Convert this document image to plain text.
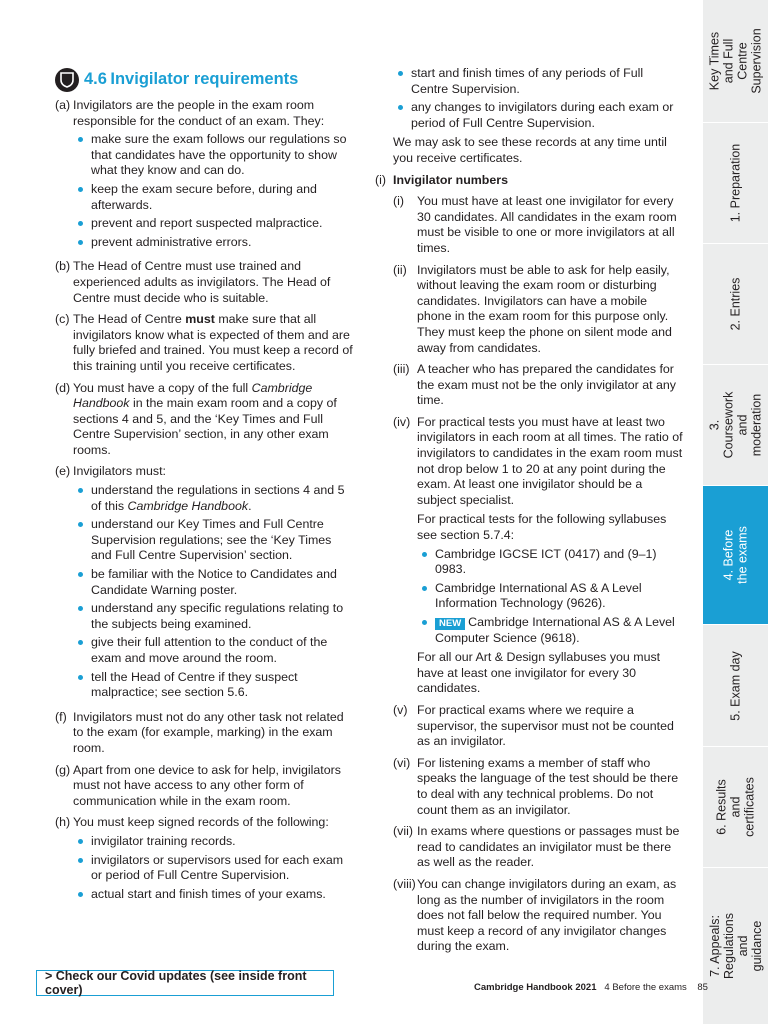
4.6
Invigilator requirements
(a) Invigilators are the people in the exam room responsible for the conduct of an exam. They:
make sure the exam follows our regulations so that candidates have the opportunity to show what they know and can do.
keep the exam secure before, during and afterwards.
prevent and report suspected malpractice.
prevent administrative errors.
(b) The Head of Centre must use trained and experienced adults as invigilators. The Head of Centre must decide who is suitable.
(c) The Head of Centre must make sure that all invigilators know what is expected of them and are fully briefed and trained. You must keep a record of this training until you receive certificates.
(d) You must have a copy of the full Cambridge Handbook in the main exam room and a copy of sections 4 and 5, and the ‘Key Times and Full Centre Supervision’ section, in any other exam rooms.
(e) Invigilators must:
understand the regulations in sections 4 and 5 of this Cambridge Handbook.
understand our Key Times and Full Centre Supervision regulations; see the ‘Key Times and Full Centre Supervision’ section.
be familiar with the Notice to Candidates and Candidate Warning poster.
understand any specific regulations relating to the subjects being examined.
give their full attention to the conduct of the exam and move around the room.
tell the Head of Centre if they suspect malpractice; see section 5.6.
(f) Invigilators must not do any other task not related to the exam (for example, marking) in the exam room.
(g) Apart from one device to ask for help, invigilators must not have access to any other form of communication while in the exam room.
(h) You must keep signed records of the following:
invigilator training records.
invigilators or supervisors used for each exam or period of Full Centre Supervision.
actual start and finish times of your exams.
start and finish times of any periods of Full Centre Supervision.
any changes to invigilators during each exam or period of Full Centre Supervision.
We may ask to see these records at any time until you receive certificates.
(i) Invigilator numbers
(i)	You must have at least one invigilator for every 30 candidates. All candidates in the exam room must be visible to one or more invigilators at all times.
(ii) Invigilators must be able to ask for help easily, without leaving the exam room or disturbing candidates. Invigilators can have a mobile phone in the exam room for this purpose only. They must keep the phone on silent mode and away from candidates.
(iii) A teacher who has prepared the candidates for the exam must not be the only invigilator at any time.
(iv) For practical tests you must have at least two invigilators in each room at all times. The ratio of invigilators to candidates in the exam room must not drop below 1 to 20 at any point during the exam. At least one invigilator should be a subject specialist.
For practical tests for the following syllabuses see section 5.7.4:
Cambridge IGCSE ICT (0417) and (9–1) 0983.
Cambridge International AS & A Level Information Technology (9626).
NEW Cambridge International AS & A Level Computer Science (9618).
For all our Art & Design syllabuses you must have at least one invigilator for every 30 candidates.
(v) For practical exams where we require a supervisor, the supervisor must not be counted as an invigilator.
(vi) For listening exams a member of staff who speaks the language of the test should be there to deal with any technical problems. Do not count them as an invigilator.
(vii) In exams where questions or passages must be read to candidates an invigilator must be there as well as the reader.
(viii) You can change invigilators during an exam, as long as the number of invigilators in the room does not fall below the required number. You must keep a record of any invigilator changes during the exam.
Key Times and Full Centre Supervision
1. Preparation
2. Entries
3. Coursework and moderation
4. Before the exams
5. Exam day
6. Results and certificates
7. Appeals: Regulations and guidance
> Check our Covid updates (see inside front cover)	Cambridge Handbook 2021 4 Before the exams 85
